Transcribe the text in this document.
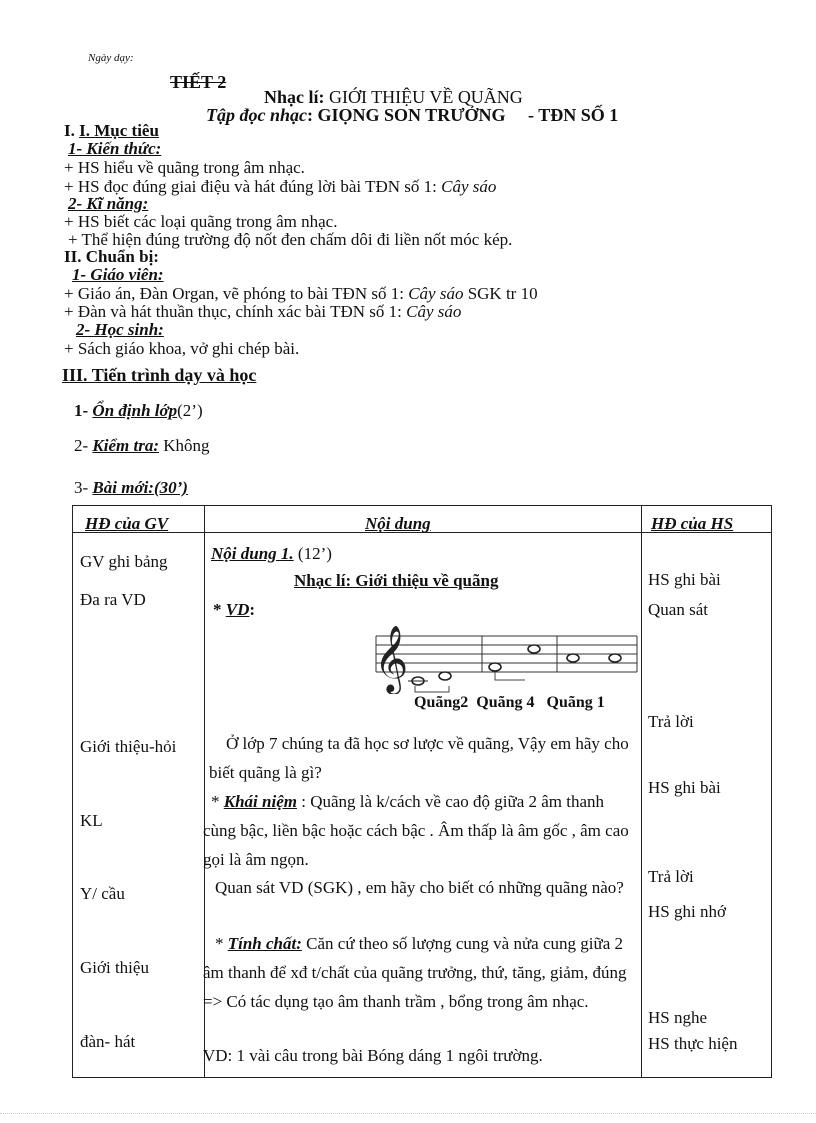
Ngày dạy:
TIẾT 2
Nhạc lí: GIỚI THIỆU VỀ QUÃNG
Tập đọc nhạc: GIỌNG SON TRƯỞNG - TĐN SỐ 1
I. I. Mục tiêu
1- Kiến thức:
+ HS hiểu về quãng trong âm nhạc.
+ HS đọc đúng giai điệu và hát đúng lời bài TĐN số 1: Cây sáo
2- Kĩ năng:
+ HS biết các loại quãng trong âm nhạc.
+ Thể hiện đúng trường độ nốt đen chấm dôi đi liền nốt móc kép.
II. Chuẩn bị:
1- Giáo viên:
+ Giáo án, Đàn Organ, vẽ phóng to bài TĐN số 1: Cây sáo SGK tr 10
+ Đàn và hát thuần thục, chính xác bài TĐN số 1: Cây sáo
2- Học sinh:
+ Sách giáo khoa, vở ghi chép bài.
III. Tiến trình dạy và học
1- Ổn định lớp(2’)
2- Kiểm tra: Không
3- Bài mới:(30’)
HĐ của GV	Nội dung	HĐ của HS
GV ghi bảng
Đa ra VD
Giới thiệu-hỏi
KL
Y/ cầu
Giới thiệu
đàn- hát
HS ghi bài
Quan sát
Trả lời
HS ghi bài
Trả lời
HS ghi nhớ
HS nghe
HS thực hiện
Nội dung 1. (12’)
Nhạc lí: Giới thiệu về quãng
* VD:
𝄞
Quãng2 Quãng 4 Quãng 1
Ở lớp 7 chúng ta đã học sơ lược về quãng, Vậy em hãy cho biết quãng là gì?
* Khái niệm : Quãng là k/cách về cao độ giữa 2 âm thanh cùng bậc, liền bậc hoặc cách bậc . Âm thấp là âm gốc , âm cao gọi là âm ngọn.
Quan sát VD (SGK) , em hãy cho biết có những quãng nào?
* Tính chất: Căn cứ theo số lượng cung và nửa cung giữa 2 âm thanh để xđ t/chất của quãng trưởng, thứ, tăng, giảm, đúng => Có tác dụng tạo âm thanh trầm , bổng trong âm nhạc.
VD: 1 vài câu trong bài Bóng dáng 1 ngôi trường.
